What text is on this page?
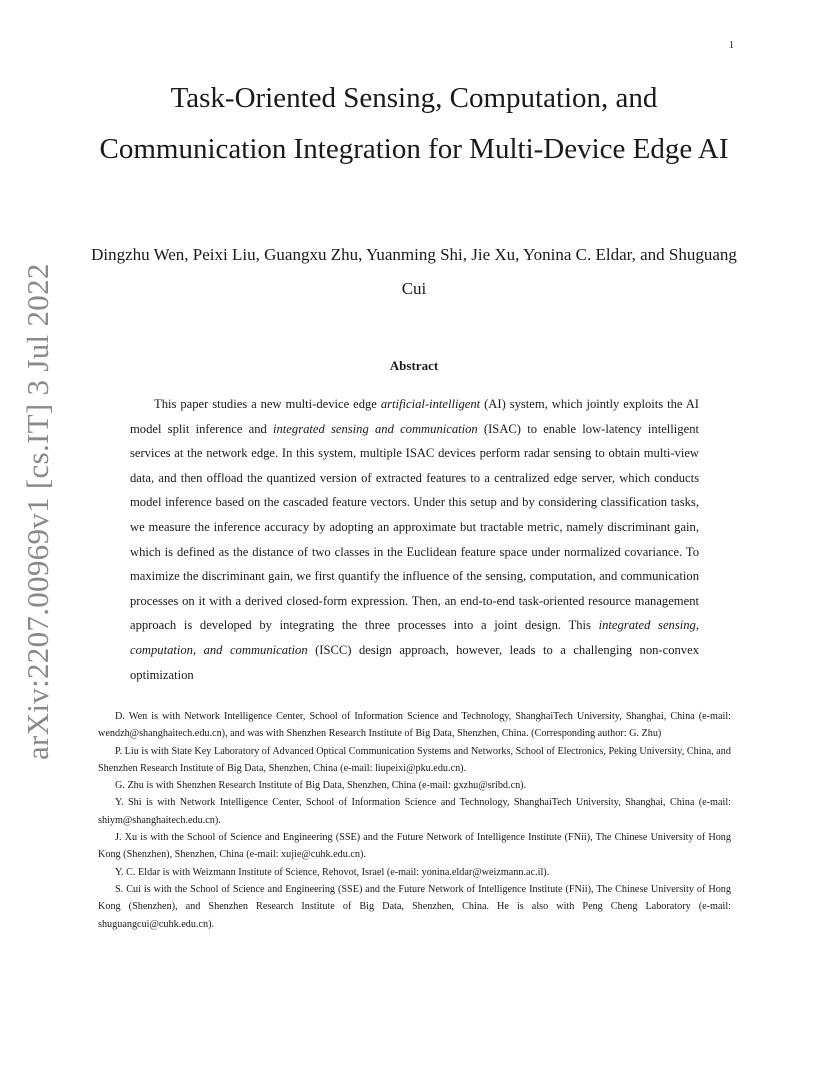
1
arXiv:2207.00969v1 [cs.IT] 3 Jul 2022
Task-Oriented Sensing, Computation, and Communication Integration for Multi-Device Edge AI

Dingzhu Wen, Peixi Liu, Guangxu Zhu, Yuanming Shi, Jie Xu, Yonina C. Eldar, and Shuguang Cui

Abstract

This paper studies a new multi-device edge artificial-intelligent (AI) system, which jointly exploits the AI model split inference and integrated sensing and communication (ISAC) to enable low-latency intelligent services at the network edge. In this system, multiple ISAC devices perform radar sensing to obtain multi-view data, and then offload the quantized version of extracted features to a centralized edge server, which conducts model inference based on the cascaded feature vectors. Under this setup and by considering classification tasks, we measure the inference accuracy by adopting an approximate but tractable metric, namely discriminant gain, which is defined as the distance of two classes in the Euclidean feature space under normalized covariance. To maximize the discriminant gain, we first quantify the influence of the sensing, computation, and communication processes on it with a derived closed-form expression. Then, an end-to-end task-oriented resource management approach is developed by integrating the three processes into a joint design. This integrated sensing, computation, and communication (ISCC) design approach, however, leads to a challenging non-convex optimization

D. Wen is with Network Intelligence Center, School of Information Science and Technology, ShanghaiTech University, Shanghai, China (e-mail: wendzh@shanghaitech.edu.cn), and was with Shenzhen Research Institute of Big Data, Shenzhen, China. (Corresponding author: G. Zhu)

P. Liu is with State Key Laboratory of Advanced Optical Communication Systems and Networks, School of Electronics, Peking University, China, and Shenzhen Research Institute of Big Data, Shenzhen, China (e-mail: liupeixi@pku.edu.cn).

G. Zhu is with Shenzhen Research Institute of Big Data, Shenzhen, China (e-mail: gxzhu@sribd.cn).

Y. Shi is with Network Intelligence Center, School of Information Science and Technology, ShanghaiTech University, Shanghai, China (e-mail: shiym@shanghaitech.edu.cn).

J. Xu is with the School of Science and Engineering (SSE) and the Future Network of Intelligence Institute (FNii), The Chinese University of Hong Kong (Shenzhen), Shenzhen, China (e-mail: xujie@cuhk.edu.cn).

Y. C. Eldar is with Weizmann Institute of Science, Rehovot, Israel (e-mail: yonina.eldar@weizmann.ac.il).

S. Cui is with the School of Science and Engineering (SSE) and the Future Network of Intelligence Institute (FNii), The Chinese University of Hong Kong (Shenzhen), and Shenzhen Research Institute of Big Data, Shenzhen, China. He is also with Peng Cheng Laboratory (e-mail: shuguangcui@cuhk.edu.cn).
